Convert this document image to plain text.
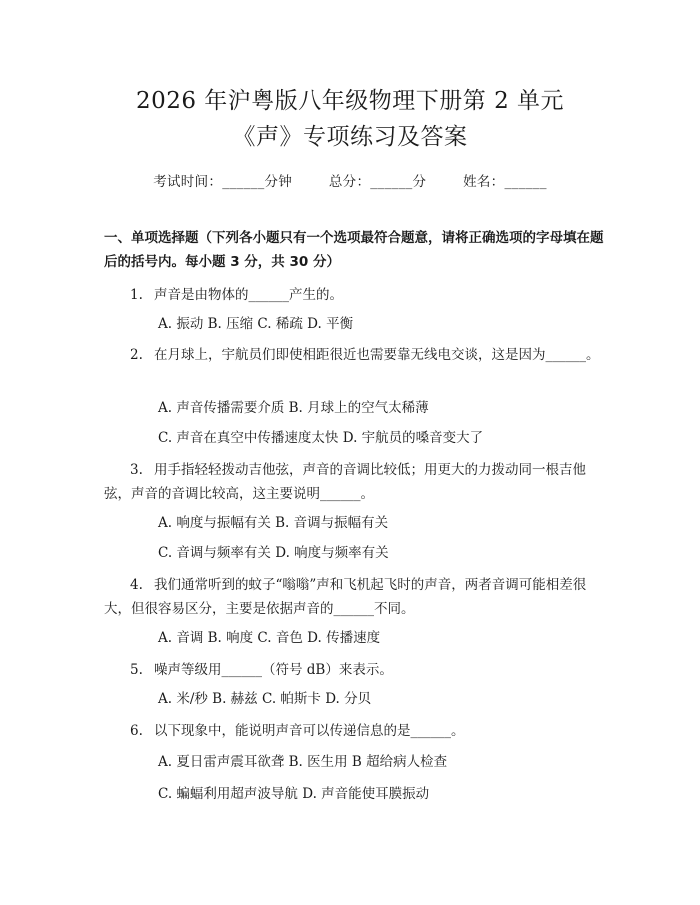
2026 年沪粤版八年级物理下册第 2 单元
《声》专项练习及答案
考试时间：______分钟	总分：______分	姓名：______
一、单项选择题（下列各小题只有一个选项最符合题意，请将正确选项的字母填在题后的括号内。每小题 3 分，共 30 分）
1. 声音是由物体的______产生的。
A. 振动 B. 压缩 C. 稀疏 D. 平衡
2. 在月球上，宇航员们即使相距很近也需要靠无线电交谈，这是因为______。
A. 声音传播需要介质 B. 月球上的空气太稀薄
C. 声音在真空中传播速度太快 D. 宇航员的嗓音变大了
3. 用手指轻轻拨动吉他弦，声音的音调比较低；用更大的力拨动同一根吉他弦，声音的音调比较高，这主要说明______。
A. 响度与振幅有关 B. 音调与振幅有关
C. 音调与频率有关 D. 响度与频率有关
4. 我们通常听到的蚊子“嗡嗡”声和飞机起飞时的声音，两者音调可能相差很大，但很容易区分，主要是依据声音的______不同。
A. 音调 B. 响度 C. 音色 D. 传播速度
5. 噪声等级用______（符号 dB）来表示。
A. 米/秒 B. 赫兹 C. 帕斯卡 D. 分贝
6. 以下现象中，能说明声音可以传递信息的是______。
A. 夏日雷声震耳欲聋 B. 医生用 B 超给病人检查
C. 蝙蝠利用超声波导航 D. 声音能使耳膜振动
